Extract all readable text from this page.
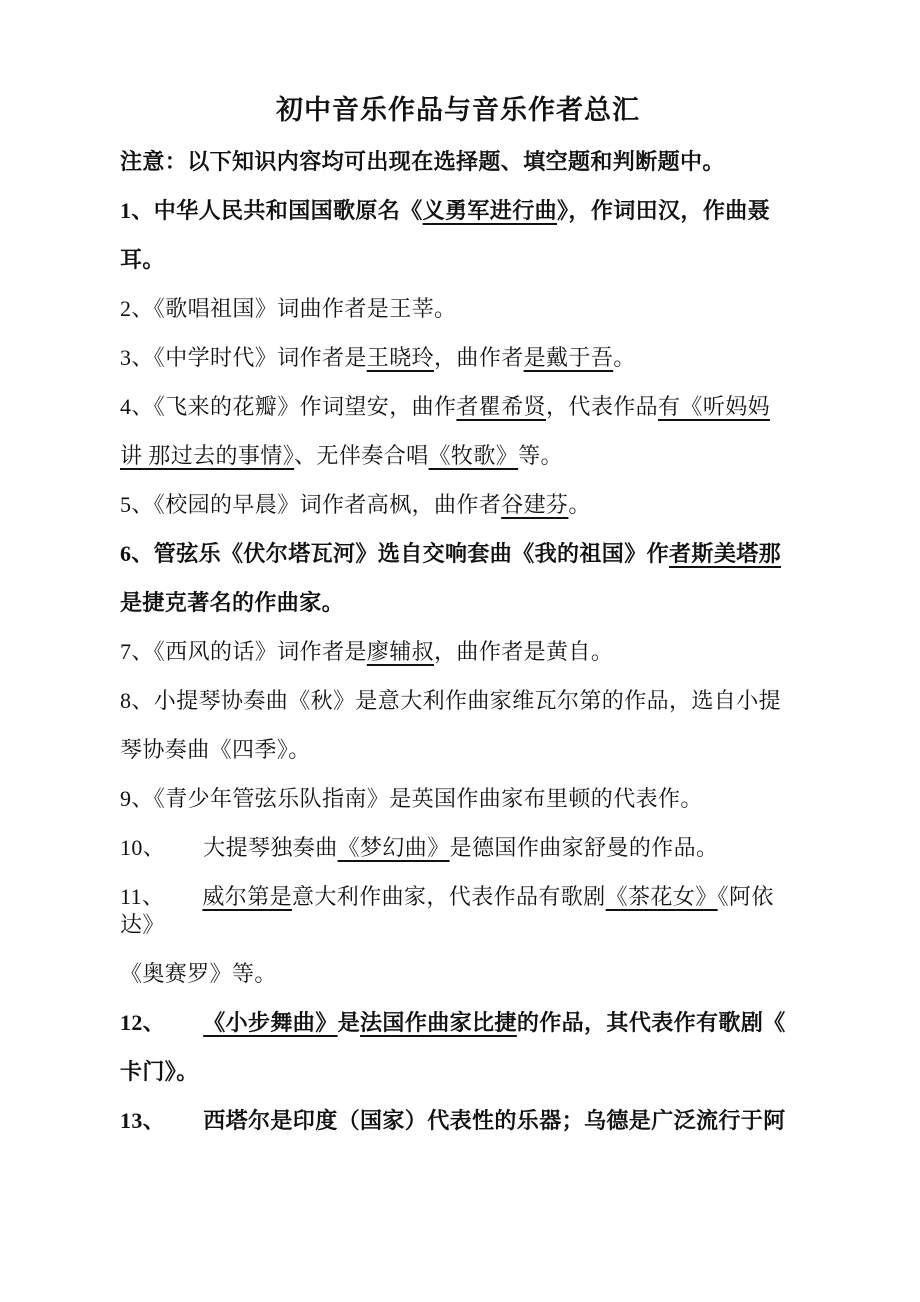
初中音乐作品与音乐作者总汇
注意：以下知识内容均可出现在选择题、填空题和判断题中。
1、中华人民共和国国歌原名《义勇军进行曲》，作词田汉，作曲聂
耳。
2、《歌唱祖国》词曲作者是王莘。
3、《中学时代》词作者是王晓玲，曲作者是戴于吾。
4、《飞来的花瓣》作词望安，曲作者瞿希贤，代表作品有《听妈妈
讲 那过去的事情》、无伴奏合唱《牧歌》等。
5、《校园的早晨》词作者高枫，曲作者谷建芬。
6、管弦乐《伏尔塔瓦河》选自交响套曲《我的祖国》作者斯美塔那
是捷克著名的作曲家。
7、《西风的话》词作者是廖辅叔，曲作者是黄自。
8、小提琴协奏曲《秋》是意大利作曲家维瓦尔第的作品，选自小提
琴协奏曲《四季》。
9、《青少年管弦乐队指南》是英国作曲家布里顿的代表作。
10、 大提琴独奏曲《梦幻曲》是德国作曲家舒曼的作品。
11、 威尔第是意大利作曲家，代表作品有歌剧《茶花女》《阿依
达》
《奥赛罗》等。
12、 《小步舞曲》是法国作曲家比捷的作品，其代表作有歌剧《
卡门》。
13、 西塔尔是印度（国家）代表性的乐器；乌德是广泛流行于阿
